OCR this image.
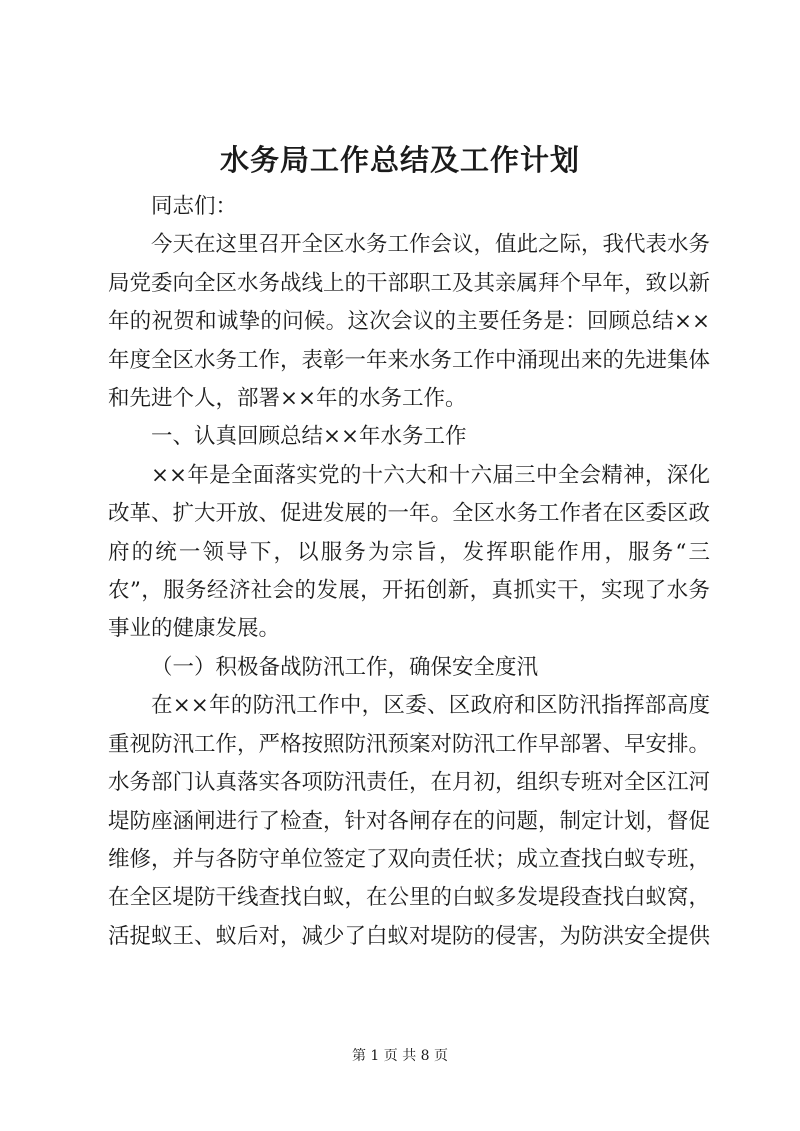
水务局工作总结及工作计划

同志们：

今天在这里召开全区水务工作会议，值此之际，我代表水务局党委向全区水务战线上的干部职工及其亲属拜个早年，致以新年的祝贺和诚挚的问候。这次会议的主要任务是：回顾总结××年度全区水务工作，表彰一年来水务工作中涌现出来的先进集体和先进个人，部署××年的水务工作。

一、认真回顾总结××年水务工作

××年是全面落实党的十六大和十六届三中全会精神，深化改革、扩大开放、促进发展的一年。全区水务工作者在区委区政府的统一领导下，以服务为宗旨，发挥职能作用，服务“三农”，服务经济社会的发展，开拓创新，真抓实干，实现了水务事业的健康发展。

（一）积极备战防汛工作，确保安全度汛

在××年的防汛工作中，区委、区政府和区防汛指挥部高度重视防汛工作，严格按照防汛预案对防汛工作早部署、早安排。水务部门认真落实各项防汛责任，在月初，组织专班对全区江河堤防座涵闸进行了检查，针对各闸存在的问题，制定计划，督促维修，并与各防守单位签定了双向责任状；成立查找白蚁专班，在全区堤防干线查找白蚁，在公里的白蚁多发堤段查找白蚁窝，活捉蚁王、蚁后对，减少了白蚁对堤防的侵害，为防洪安全提供

第 1 页 共 8 页
